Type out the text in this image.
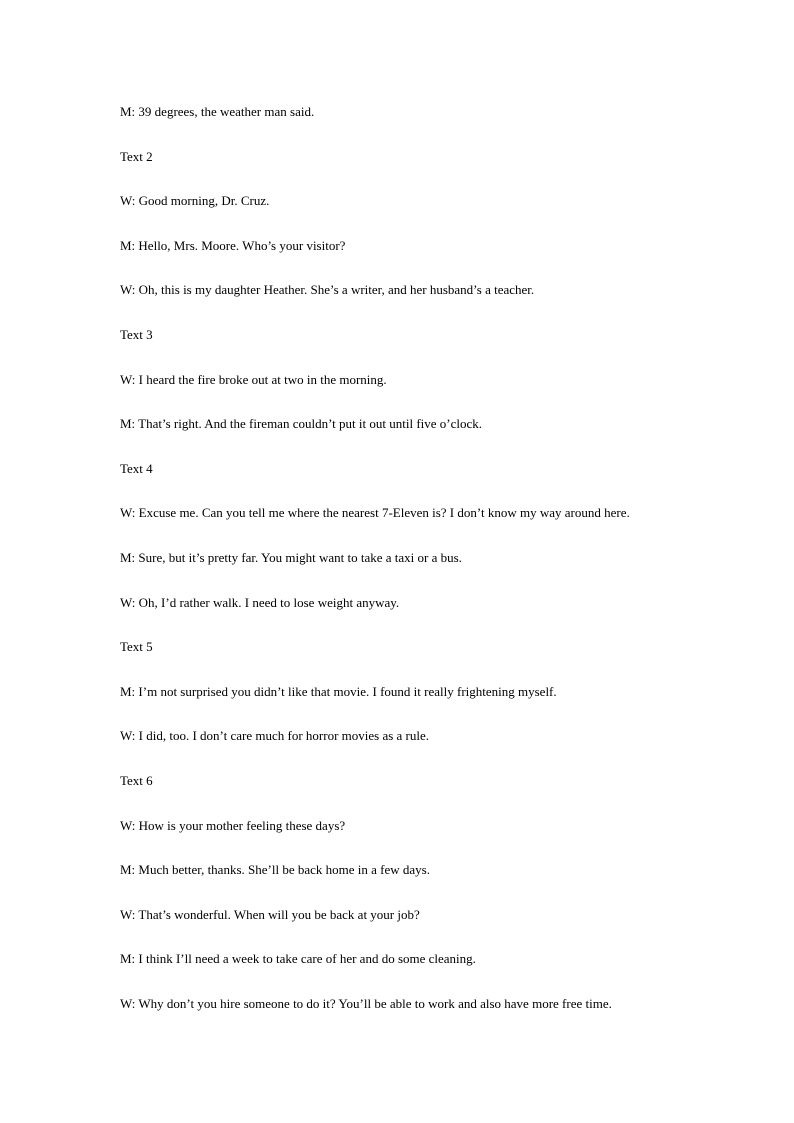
M: 39 degrees, the weather man said.
Text 2
W: Good morning, Dr. Cruz.
M: Hello, Mrs. Moore. Who’s your visitor?
W: Oh, this is my daughter Heather. She’s a writer, and her husband’s a teacher.
Text 3
W: I heard the fire broke out at two in the morning.
M: That’s right. And the fireman couldn’t put it out until five o’clock.
Text 4
W: Excuse me. Can you tell me where the nearest 7-Eleven is? I don’t know my way around here.
M: Sure, but it’s pretty far. You might want to take a taxi or a bus.
W: Oh, I’d rather walk. I need to lose weight anyway.
Text 5
M: I’m not surprised you didn’t like that movie. I found it really frightening myself.
W: I did, too. I don’t care much for horror movies as a rule.
Text 6
W: How is your mother feeling these days?
M: Much better, thanks. She’ll be back home in a few days.
W: That’s wonderful. When will you be back at your job?
M: I think I’ll need a week to take care of her and do some cleaning.
W: Why don’t you hire someone to do it? You’ll be able to work and also have more free time.
